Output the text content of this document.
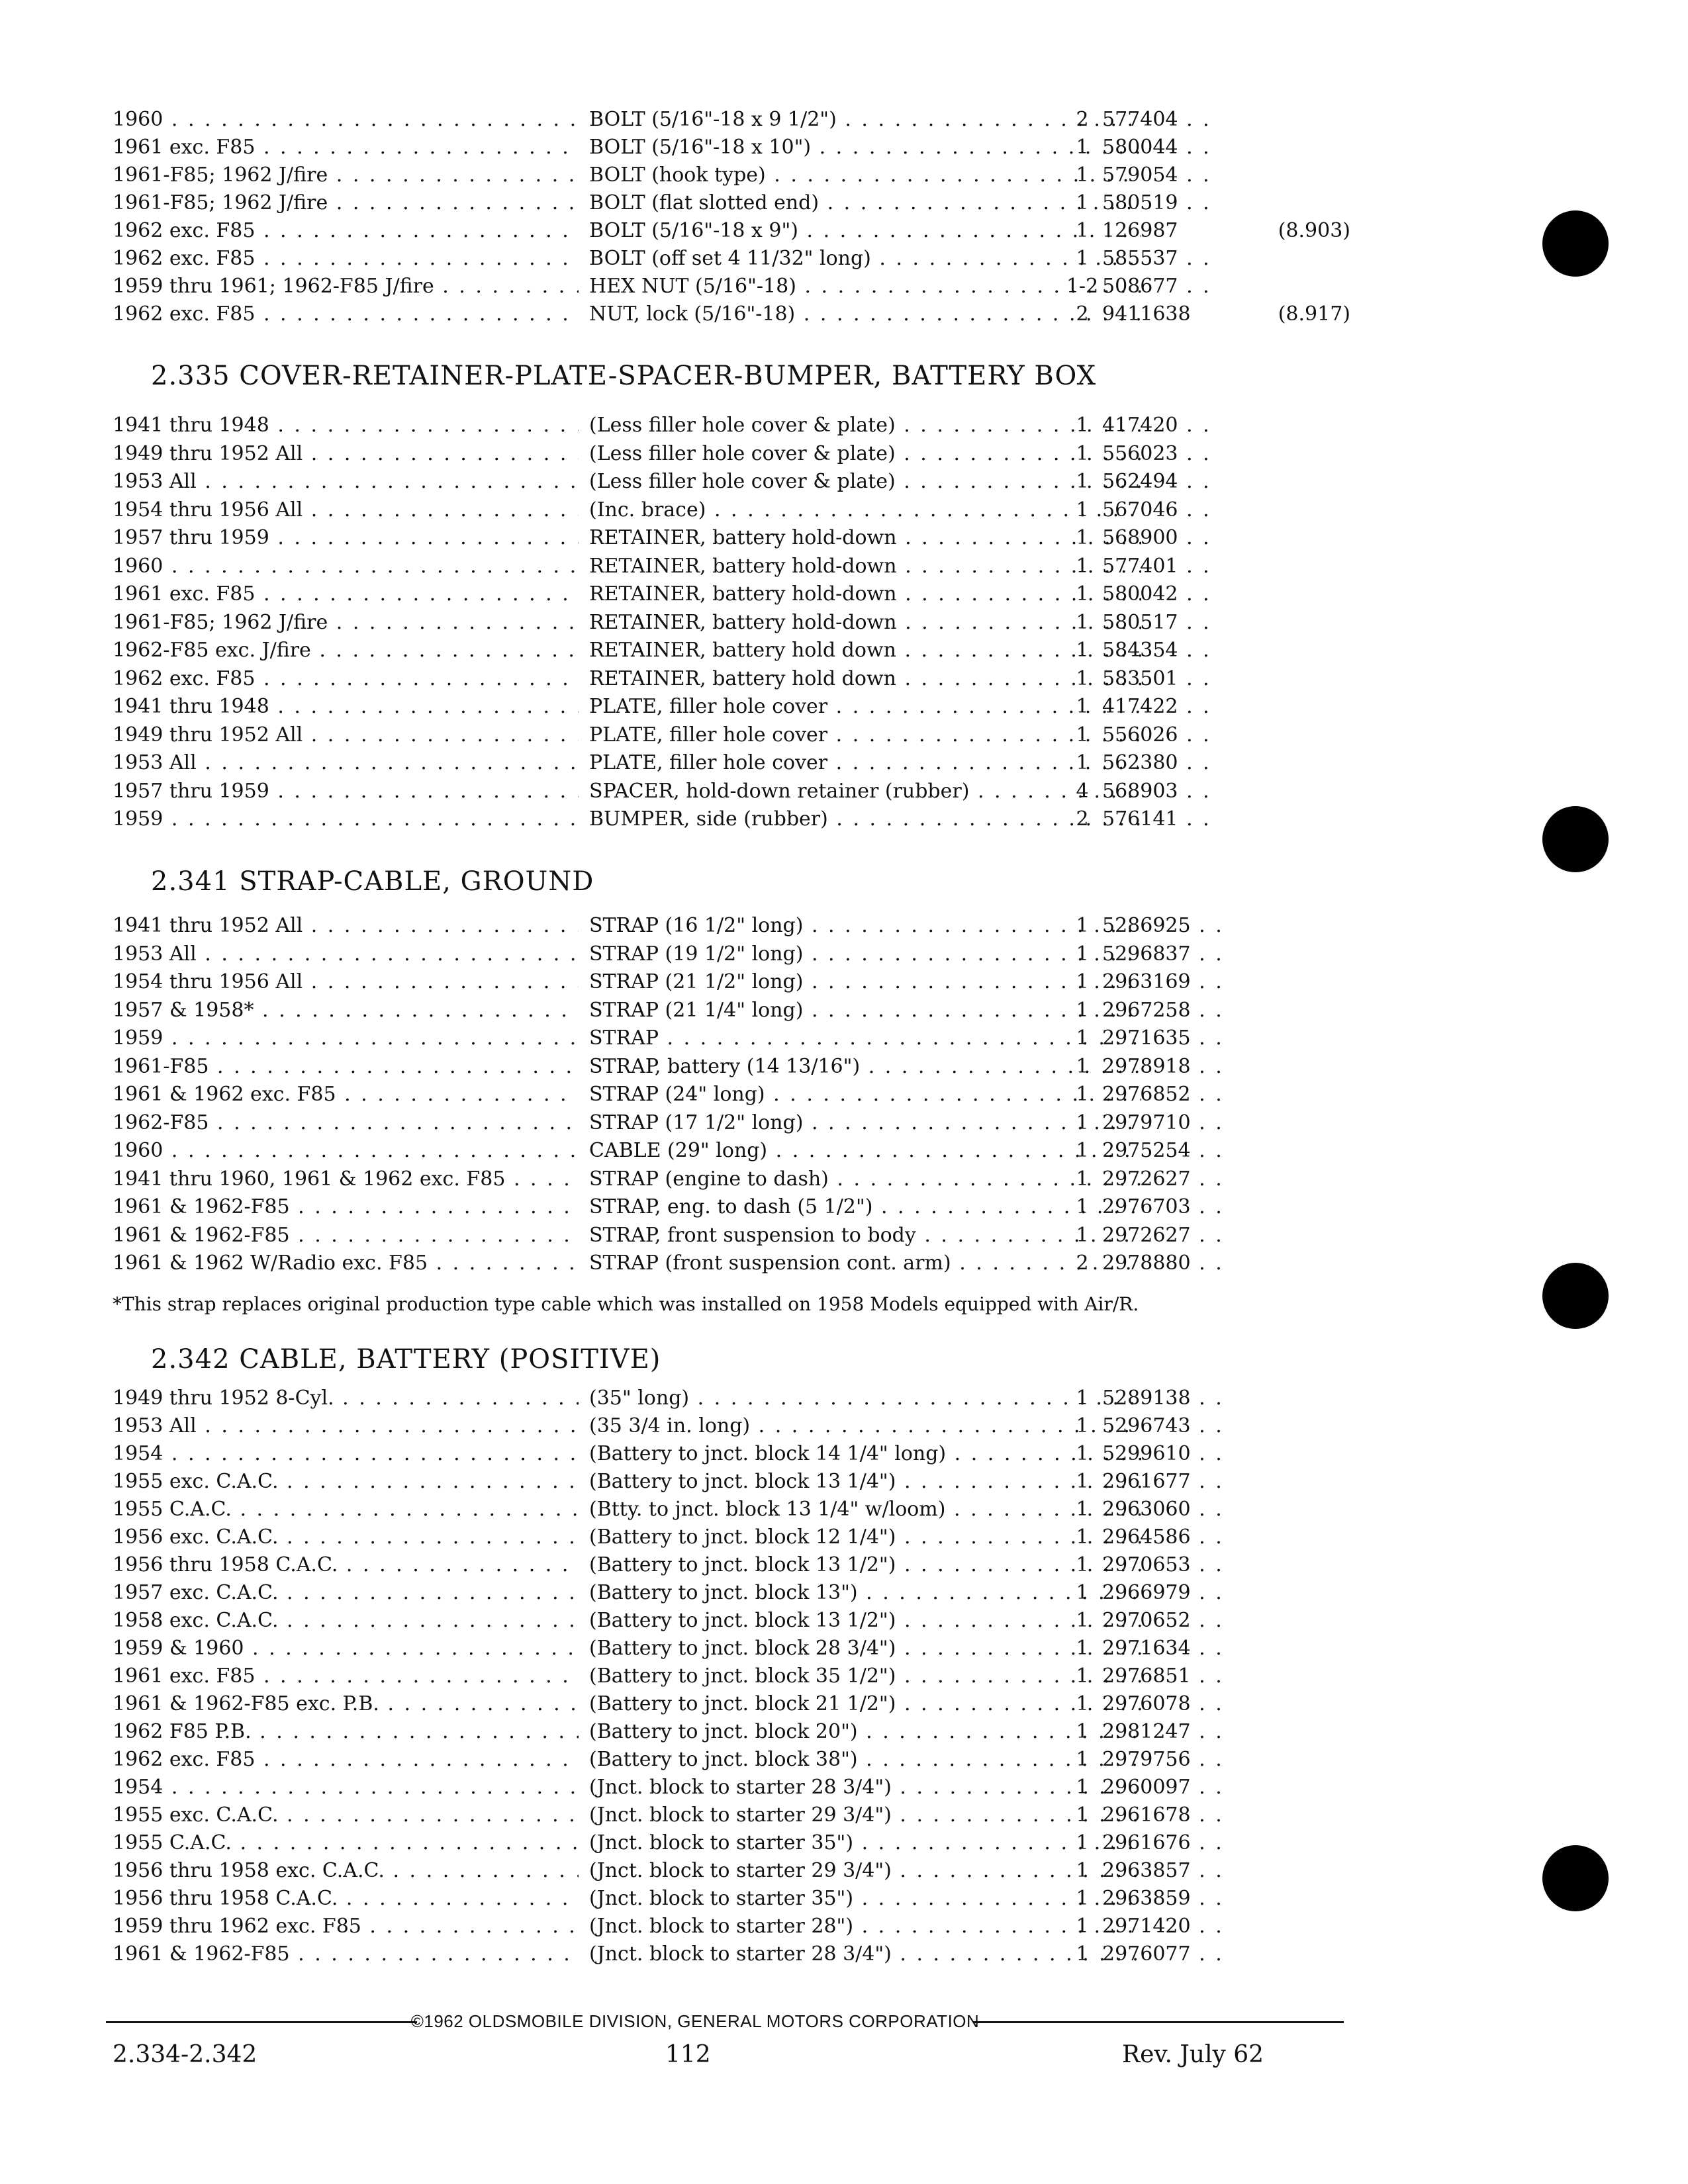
1960 . . .	BOLT (5/16"-18 x 9 1/2") . . .	2 577404 . . .
1961 exc. F85 . . .	BOLT (5/16"-18 x 10") . . .	1 580044 . . .
1961-F85; 1962 J/fire . . .	BOLT (hook type) . . .	1 579054 . . .
1961-F85; 1962 J/fire . . .	BOLT (flat slotted end) . . .	1 580519 . . .
1962 exc. F85 . . .	BOLT (5/16"-18 x 9") . . .	1 126987	(8.903)
1962 exc. F85 . . .	BOLT (off set 4 11/32" long) . . .	1 585537 . . .
1959 thru 1961; 1962-F85 J/fire . . .	HEX NUT (5/16"-18) . . .	1-2 508677 . . .
1962 exc. F85 . . .	NUT, lock (5/16"-18) . . .	2 9411638	(8.917)
2.335 COVER-RETAINER-PLATE-SPACER-BUMPER, BATTERY BOX
1941 thru 1948 . . .	(Less filler hole cover & plate) . . .	1 417420 . . .
1949 thru 1952 All . . .	(Less filler hole cover & plate) . . .	1 556023 . . .
1953 All . . .	(Less filler hole cover & plate) . . .	1 562494 . . .
1954 thru 1956 All . . .	(Inc. brace) . . .	1 567046 . . .
1957 thru 1959 . . .	RETAINER, battery hold-down . . .	1 568900 . . .
1960 . . .	RETAINER, battery hold-down . . .	1 577401 . . .
1961 exc. F85 . . .	RETAINER, battery hold-down . . .	1 580042 . . .
1961-F85; 1962 J/fire . . .	RETAINER, battery hold-down . . .	1 580517 . . .
1962-F85 exc. J/fire . . .	RETAINER, battery hold down . . .	1 584354 . . .
1962 exc. F85 . . .	RETAINER, battery hold down . . .	1 583501 . . .
1941 thru 1948 . . .	PLATE, filler hole cover . . .	1 417422 . . .
1949 thru 1952 All . . .	PLATE, filler hole cover . . .	1 556026 . . .
1953 All . . .	PLATE, filler hole cover . . .	1 562380 . . .
1957 thru 1959 . . .	SPACER, hold-down retainer (rubber) . . .	4 568903 . . .
1959 . . .	BUMPER, side (rubber) . . .	2 576141 . . .
2.341 STRAP-CABLE, GROUND
1941 thru 1952 All . . .	STRAP (16 1/2" long) . . .	1 5286925 . . .
1953 All . . .	STRAP (19 1/2" long) . . .	1 5296837 . . .
1954 thru 1956 All . . .	STRAP (21 1/2" long) . . .	1 2963169 . . .
1957 & 1958* . . .	STRAP (21 1/4" long) . . .	1 2967258 . . .
1959 . . .	STRAP . . .	1 2971635 . . .
1961-F85 . . .	STRAP, battery (14 13/16") . . .	1 2978918 . . .
1961 & 1962 exc. F85 . . .	STRAP (24" long) . . .	1 2976852 . . .
1962-F85 . . .	STRAP (17 1/2" long) . . .	1 2979710 . . .
1960 . . .	CABLE (29" long) . . .	1 2975254 . . .
1941 thru 1960, 1961 & 1962 exc. F85 . . .	STRAP (engine to dash) . . .	1 2972627 . . .
1961 & 1962-F85 . . .	STRAP, eng. to dash (5 1/2") . . .	1 2976703 . . .
1961 & 1962-F85 . . .	STRAP, front suspension to body . . .	1 2972627 . . .
1961 & 1962 W/Radio exc. F85 . . .	STRAP (front suspension cont. arm) . . .	2 2978880 . . .
*This strap replaces original production type cable which was installed on 1958 Models equipped with Air/R.
2.342 CABLE, BATTERY (POSITIVE)
1949 thru 1952 8-Cyl. . . .	(35" long) . . .	1 5289138 . . .
1953 All . . .	(35 3/4 in. long) . . .	1 5296743 . . .
1954 . . .	(Battery to jnct. block 14 1/4" long) . . .	1 5299610 . . .
1955 exc. C.A.C. . . .	(Battery to jnct. block 13 1/4") . . .	1 2961677 . . .
1955 C.A.C. . . .	(Btty. to jnct. block 13 1/4" w/loom) . . .	1 2963060 . . .
1956 exc. C.A.C. . . .	(Battery to jnct. block 12 1/4") . . .	1 2964586 . . .
1956 thru 1958 C.A.C. . . .	(Battery to jnct. block 13 1/2") . . .	1 2970653 . . .
1957 exc. C.A.C. . . .	(Battery to jnct. block 13") . . .	1 2966979 . . .
1958 exc. C.A.C. . . .	(Battery to jnct. block 13 1/2") . . .	1 2970652 . . .
1959 & 1960 . . .	(Battery to jnct. block 28 3/4") . . .	1 2971634 . . .
1961 exc. F85 . . .	(Battery to jnct. block 35 1/2") . . .	1 2976851 . . .
1961 & 1962-F85 exc. P.B. . . .	(Battery to jnct. block 21 1/2") . . .	1 2976078 . . .
1962 F85 P.B. . . .	(Battery to jnct. block 20") . . .	1 2981247 . . .
1962 exc. F85 . . .	(Battery to jnct. block 38") . . .	1 2979756 . . .
1954 . . .	(Jnct. block to starter 28 3/4") . . .	1 2960097 . . .
1955 exc. C.A.C. . . .	(Jnct. block to starter 29 3/4") . . .	1 2961678 . . .
1955 C.A.C. . . .	(Jnct. block to starter 35") . . .	1 2961676 . . .
1956 thru 1958 exc. C.A.C. . . .	(Jnct. block to starter 29 3/4") . . .	1 2963857 . . .
1956 thru 1958 C.A.C. . . .	(Jnct. block to starter 35") . . .	1 2963859 . . .
1959 thru 1962 exc. F85 . . .	(Jnct. block to starter 28") . . .	1 2971420 . . .
1961 & 1962-F85 . . .	(Jnct. block to starter 28 3/4") . . .	1 2976077 . . .
©1962 OLDSMOBILE DIVISION, GENERAL MOTORS CORPORATION
2.334-2.342	112	Rev. July 62
